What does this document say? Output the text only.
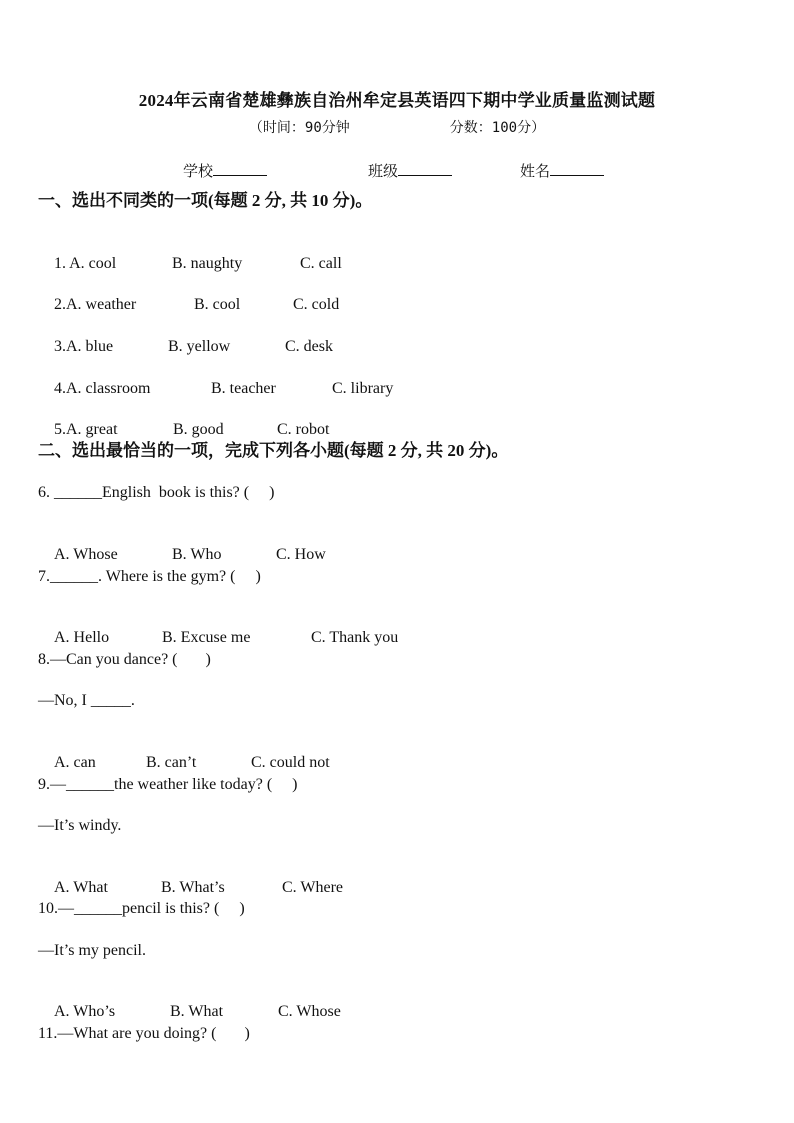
2024年云南省楚雄彝族自治州牟定县英语四下期中学业质量监测试题
（时间：90分钟	分数：100分）
学校	班级	姓名
一、选出不同类的一项(每题 2 分, 共 10 分)。

1. A. cool	B. naughty	C. call

2.A. weather	B. cool	C. cold

3.A. blue	B. yellow	C. desk

4.A. classroom	B. teacher	C. library

5.A. great	B. good	C. robot

二、选出最恰当的一项，完成下列各小题(每题 2 分, 共 20 分)。
6. ______English  book is this? (     )

A. Whose	B. Who	C. How

7.______. Where is the gym? (     )

A. Hello	B. Excuse me	C. Thank you

8.—Can you dance? (       )
—No, I _____.

A. can	B. can’t	C. could not

9.—______the weather like today? (     )
—It’s windy.

A. What	B. What’s	C. Where

10.—______pencil is this? (     )
—It’s my pencil.

A. Who’s	B. What	C. Whose

11.—What are you doing? (       )
